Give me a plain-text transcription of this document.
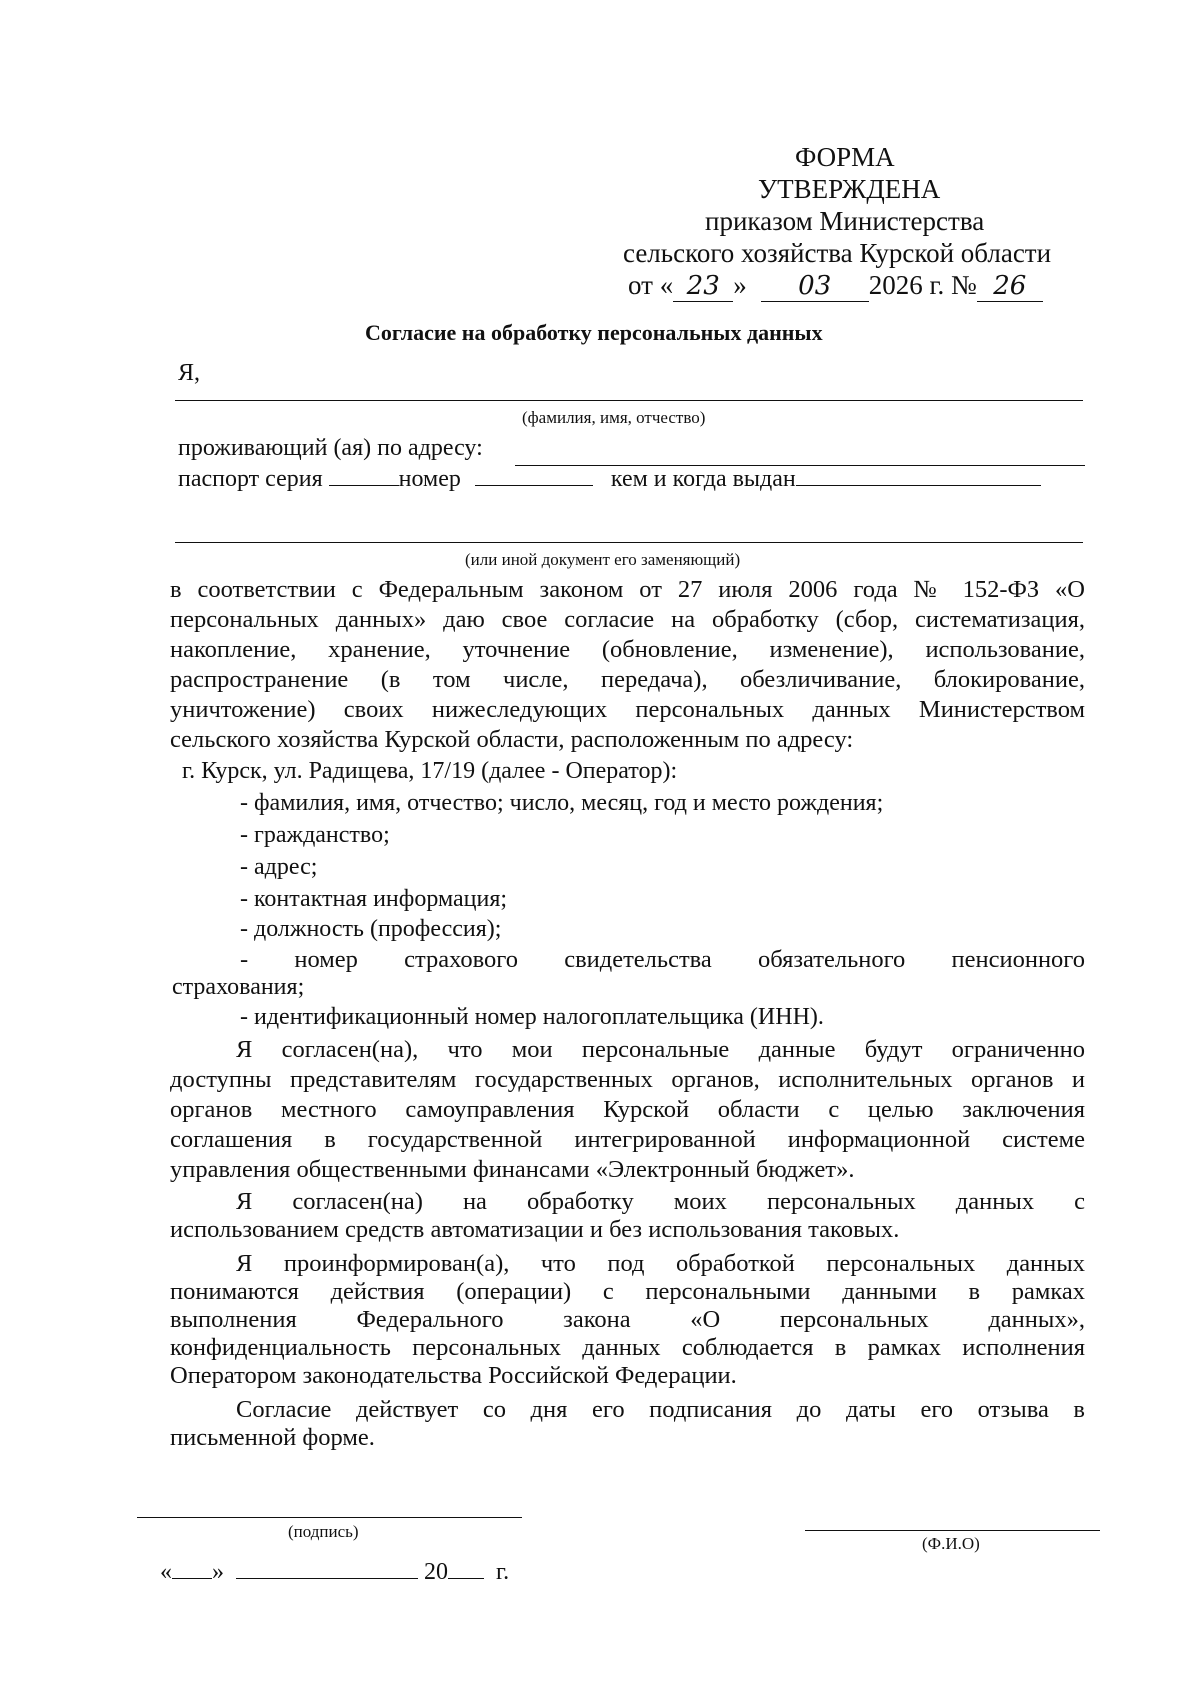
ФОРМА
УТВЕРЖДЕНА
приказом Министерства
сельского хозяйства Курской области
от « 23 » 03 2026 г. № 26
Согласие на обработку персональных данных
Я,
(фамилия, имя, отчество)
проживающий (ая) по адресу:
паспорт серия	номер	кем и когда выдан
(или иной документ его заменяющий)
в соответствии с Федеральным законом от 27 июля 2006 года № 152-ФЗ «О
персональных данных» даю свое согласие на обработку (сбор, систематизация,
накопление, хранение, уточнение (обновление, изменение), использование,
распространение (в том числе, передача), обезличивание, блокирование,
уничтожение) своих нижеследующих персональных данных Министерством
сельского хозяйства Курской области, расположенным по адресу:
г. Курск, ул. Радищева, 17/19 (далее - Оператор):
- фамилия, имя, отчество; число, месяц, год и место рождения;
- гражданство;
- адрес;
- контактная информация;
- должность (профессия);
- номер страхового свидетельства обязательного пенсионного
страхования;
- идентификационный номер налогоплательщика (ИНН).
Я согласен(на), что мои персональные данные будут ограниченно
доступны представителям государственных органов, исполнительных органов и
органов местного самоуправления Курской области с целью заключения
соглашения в государственной интегрированной информационной системе
управления общественными финансами «Электронный бюджет».
Я согласен(на) на обработку моих персональных данных с
использованием средств автоматизации и без использования таковых.
Я проинформирован(а), что под обработкой персональных данных
понимаются действия (операции) с персональными данными в рамках
выполнения Федерального закона «О персональных данных»,
конфиденциальность персональных данных соблюдается в рамках исполнения
Оператором законодательства Российской Федерации.
Согласие действует со дня его подписания до даты его отзыва в
письменной форме.
(подпись)
(Ф.И.О)
« »	20 г.
